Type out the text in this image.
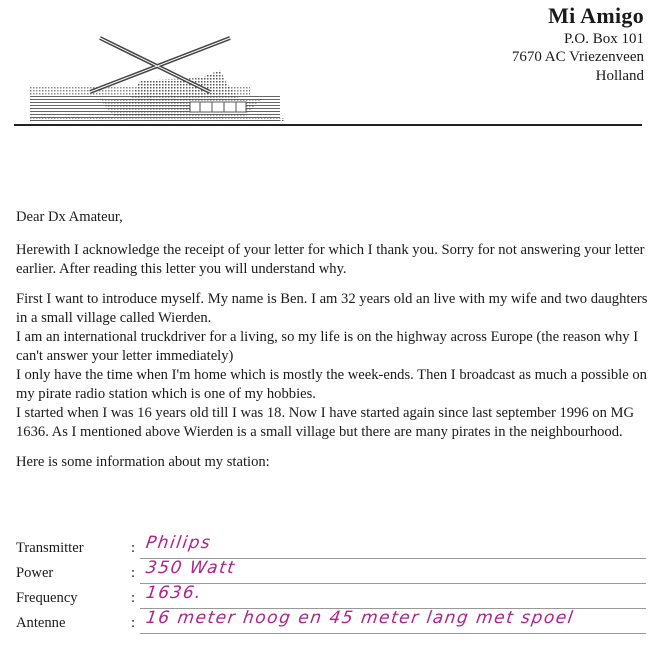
Mi Amigo
P.O. Box 101
7670 AC Vriezenveen
Holland

Dear Dx Amateur,

Herewith I acknowledge the receipt of your letter for which I thank you. Sorry for not answering your letter earlier. After reading this letter you will understand why.

First I want to introduce myself. My name is Ben. I am 32 years old an live with my wife and two daughters in a small village called Wierden.
I am an international truckdriver for a living, so my life is on the highway across Europe (the reason why I can't answer your letter immediately)
I only have the time when I'm home which is mostly the week-ends. Then I broadcast as much a possible on my pirate radio station which is one of my hobbies.
I started when I was 16 years old till I was 18. Now I have started again since last september 1996 on MG 1636. As I mentioned above Wierden is a small village but there are many pirates in the neighbourhood.

Here is some information about my station:

Transmitter	: Philips
Power	: 350 Watt
Frequency	: 1636.
Antenne	: 16 meter hoog en 45 meter lang met spoel
